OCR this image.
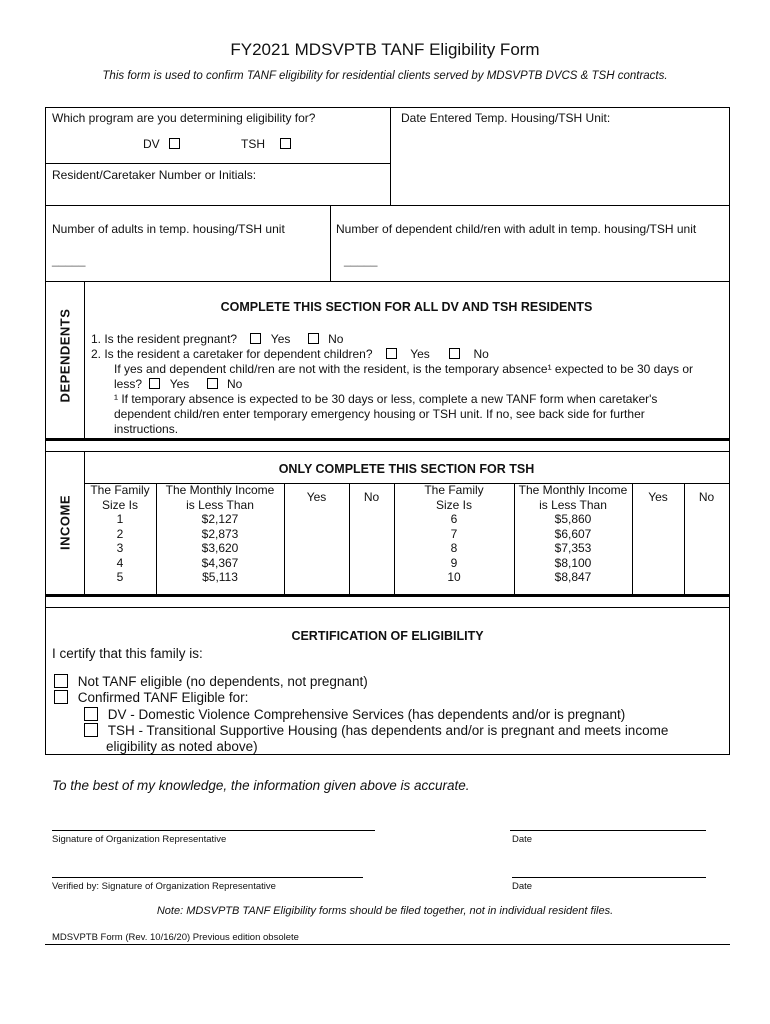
FY2021 MDSVPTB TANF Eligibility Form
This form is used to confirm TANF eligibility for residential clients served by MDSVPTB DVCS & TSH contracts.
Which program are you determining eligibility for?
DV	TSH
Date Entered Temp. Housing/TSH Unit:
Resident/Caretaker Number or Initials:
Number of adults in temp. housing/TSH unit	Number of dependent child/ren with adult in temp. housing/TSH unit
_____	_____
DEPENDENTS
COMPLETE THIS SECTION FOR ALL DV AND TSH RESIDENTS
1. Is the resident pregnant?	Yes	No
2. Is the resident a caretaker for dependent children?	Yes	No
If yes and dependent child/ren are not with the resident, is the temporary absence¹ expected to be 30 days or
less? Yes	No
¹ If temporary absence is expected to be 30 days or less, complete a new TANF form when caretaker's
dependent child/ren enter temporary emergency housing or TSH unit. If no, see back side for further
instructions.
INCOME
ONLY COMPLETE THIS SECTION FOR TSH
The Family	The Monthly Income	Yes	No	The Family	The Monthly Income	Yes	No
Size Is	is Less Than			Size Is	is Less Than		
1	$2,127			6	$5,860		
2	$2,873			7	$6,607		
3	$3,620			8	$7,353		
4	$4,367			9	$8,100		
5	$5,113			10	$8,847		
CERTIFICATION OF ELIGIBILITY
I certify that this family is:
Not TANF eligible (no dependents, not pregnant)
Confirmed TANF Eligible for:
DV - Domestic Violence Comprehensive Services (has dependents and/or is pregnant)
TSH - Transitional Supportive Housing (has dependents and/or is pregnant and meets income
eligibility as noted above)
To the best of my knowledge, the information given above is accurate.
Signature of Organization Representative	Date
Verified by: Signature of Organization Representative	Date
Note: MDSVPTB TANF Eligibility forms should be filed together, not in individual resident files.
MDSVPTB Form (Rev. 10/16/20) Previous edition obsolete
